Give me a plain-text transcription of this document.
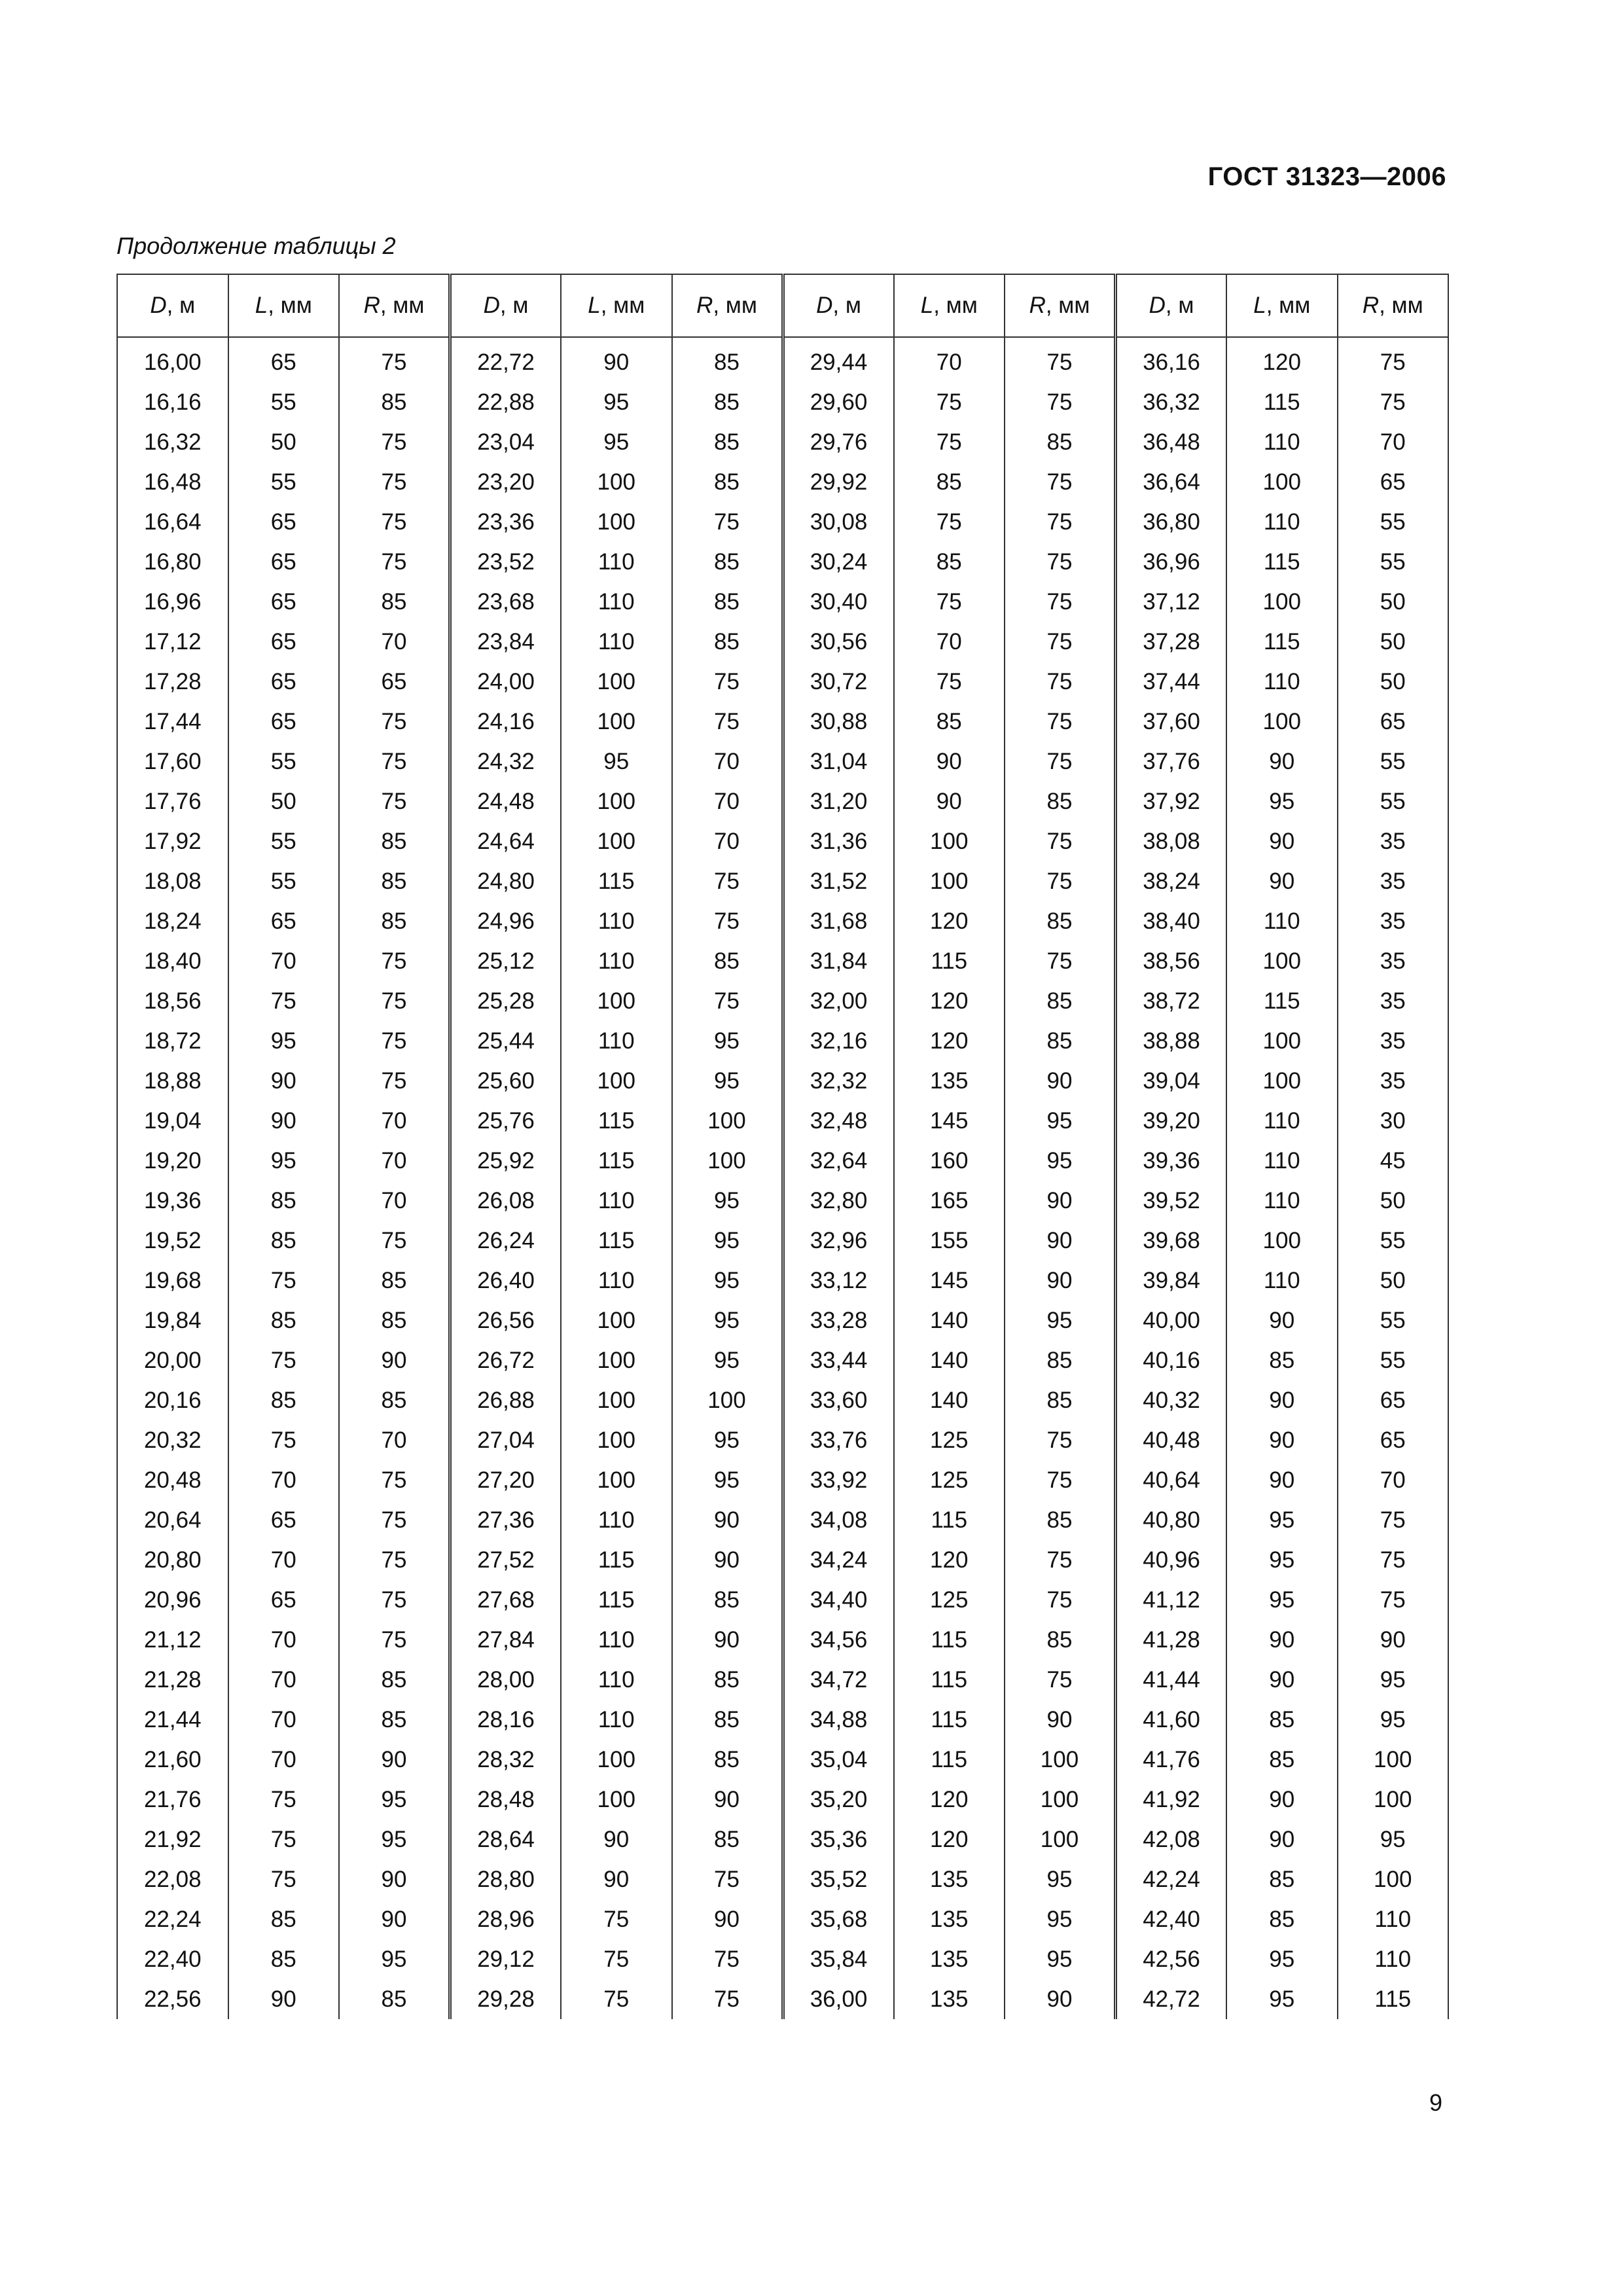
ГОСТ 31323—2006
Продолжение таблицы 2
D, м	L, мм	R, мм	D, м	L, мм	R, мм	D, м	L, мм	R, мм	D, м	L, мм	R, мм
16,00	65	75	22,72	90	85	29,44	70	75	36,16	120	75
16,16	55	85	22,88	95	85	29,60	75	75	36,32	115	75
16,32	50	75	23,04	95	85	29,76	75	85	36,48	110	70
16,48	55	75	23,20	100	85	29,92	85	75	36,64	100	65
16,64	65	75	23,36	100	75	30,08	75	75	36,80	110	55
16,80	65	75	23,52	110	85	30,24	85	75	36,96	115	55
16,96	65	85	23,68	110	85	30,40	75	75	37,12	100	50
17,12	65	70	23,84	110	85	30,56	70	75	37,28	115	50
17,28	65	65	24,00	100	75	30,72	75	75	37,44	110	50
17,44	65	75	24,16	100	75	30,88	85	75	37,60	100	65
17,60	55	75	24,32	95	70	31,04	90	75	37,76	90	55
17,76	50	75	24,48	100	70	31,20	90	85	37,92	95	55
17,92	55	85	24,64	100	70	31,36	100	75	38,08	90	35
18,08	55	85	24,80	115	75	31,52	100	75	38,24	90	35
18,24	65	85	24,96	110	75	31,68	120	85	38,40	110	35
18,40	70	75	25,12	110	85	31,84	115	75	38,56	100	35
18,56	75	75	25,28	100	75	32,00	120	85	38,72	115	35
18,72	95	75	25,44	110	95	32,16	120	85	38,88	100	35
18,88	90	75	25,60	100	95	32,32	135	90	39,04	100	35
19,04	90	70	25,76	115	100	32,48	145	95	39,20	110	30
19,20	95	70	25,92	115	100	32,64	160	95	39,36	110	45
19,36	85	70	26,08	110	95	32,80	165	90	39,52	110	50
19,52	85	75	26,24	115	95	32,96	155	90	39,68	100	55
19,68	75	85	26,40	110	95	33,12	145	90	39,84	110	50
19,84	85	85	26,56	100	95	33,28	140	95	40,00	90	55
20,00	75	90	26,72	100	95	33,44	140	85	40,16	85	55
20,16	85	85	26,88	100	100	33,60	140	85	40,32	90	65
20,32	75	70	27,04	100	95	33,76	125	75	40,48	90	65
20,48	70	75	27,20	100	95	33,92	125	75	40,64	90	70
20,64	65	75	27,36	110	90	34,08	115	85	40,80	95	75
20,80	70	75	27,52	115	90	34,24	120	75	40,96	95	75
20,96	65	75	27,68	115	85	34,40	125	75	41,12	95	75
21,12	70	75	27,84	110	90	34,56	115	85	41,28	90	90
21,28	70	85	28,00	110	85	34,72	115	75	41,44	90	95
21,44	70	85	28,16	110	85	34,88	115	90	41,60	85	95
21,60	70	90	28,32	100	85	35,04	115	100	41,76	85	100
21,76	75	95	28,48	100	90	35,20	120	100	41,92	90	100
21,92	75	95	28,64	90	85	35,36	120	100	42,08	90	95
22,08	75	90	28,80	90	75	35,52	135	95	42,24	85	100
22,24	85	90	28,96	75	90	35,68	135	95	42,40	85	110
22,40	85	95	29,12	75	75	35,84	135	95	42,56	95	110
22,56	90	85	29,28	75	75	36,00	135	90	42,72	95	115
9
